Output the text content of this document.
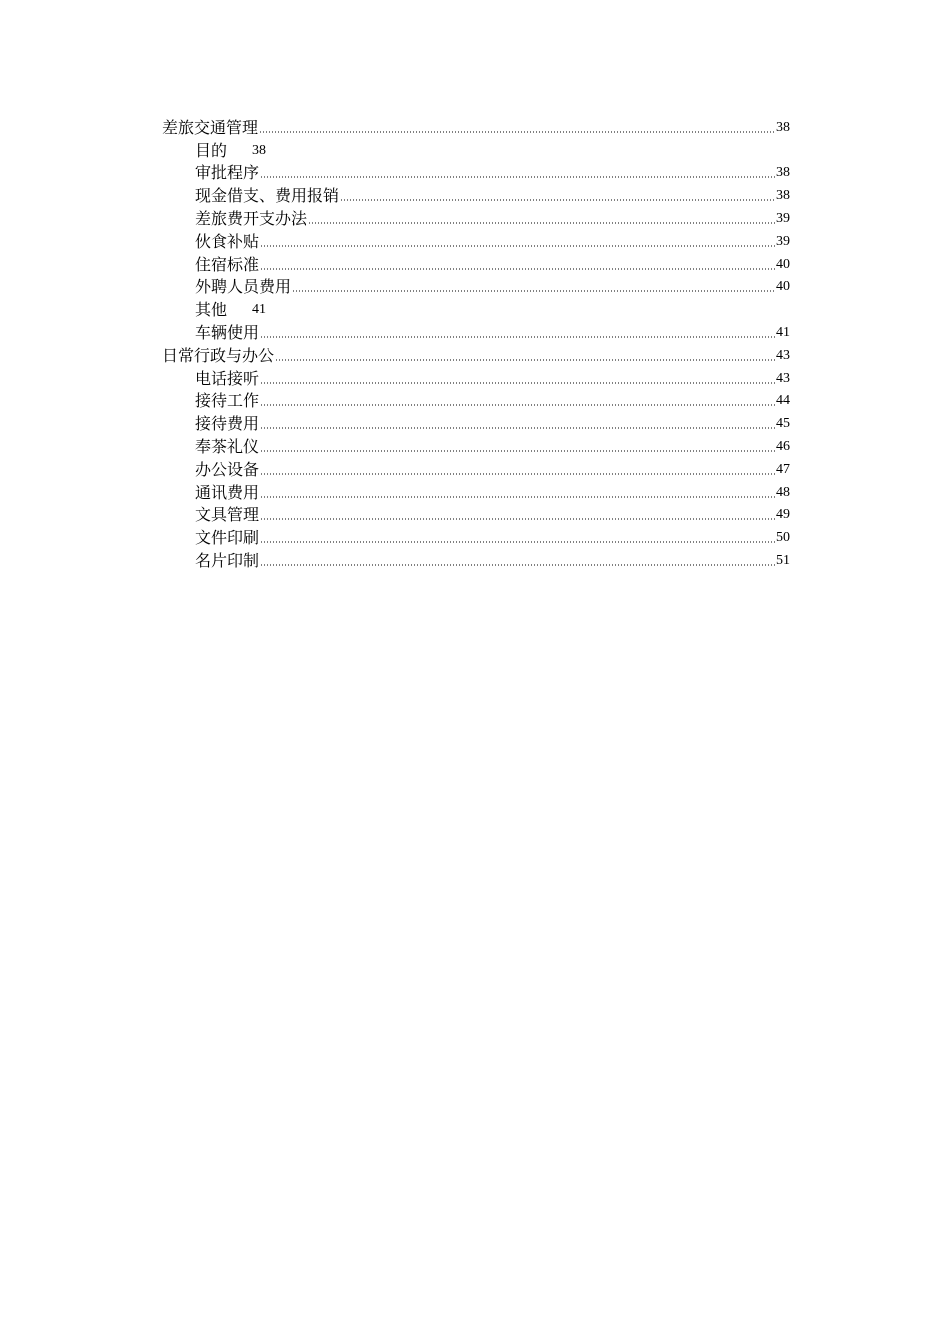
差旅交通管理	38
目的 38
审批程序	38
现金借支、费用报销	38
差旅费开支办法	39
伙食补贴	39
住宿标准	40
外聘人员费用	40
其他 41
车辆使用	41
日常行政与办公	43
电话接听	43
接待工作	44
接待费用	45
奉茶礼仪	46
办公设备	47
通讯费用	48
文具管理	49
文件印刷	50
名片印制	51
